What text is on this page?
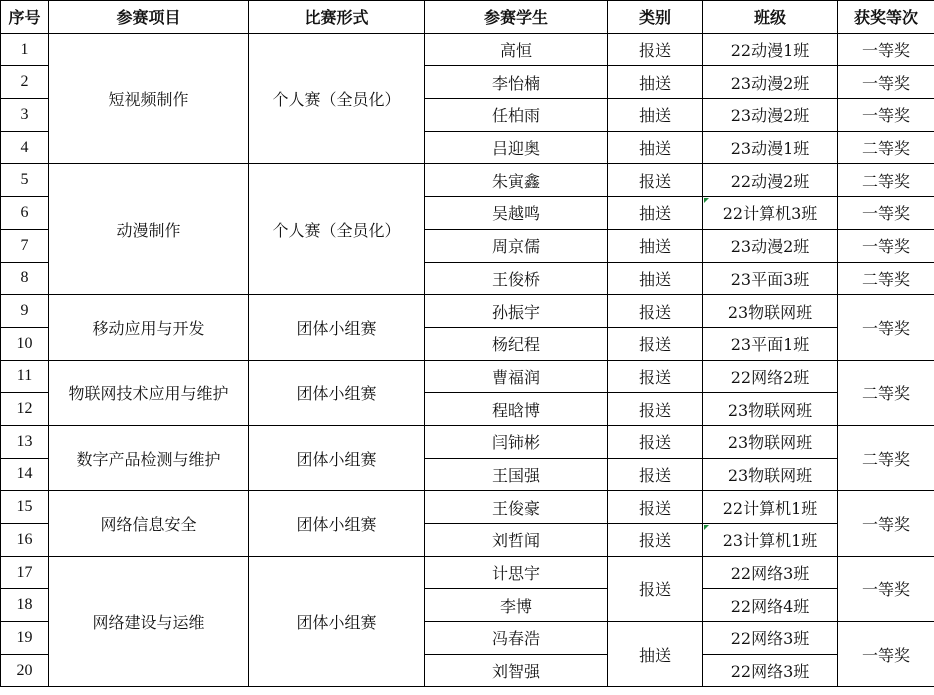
序号	参赛项目	比赛形式	参赛学生	类别	班级	获奖等次
1	短视频制作	个人赛（全员化）	高恒	报送	22动漫1班	一等奖
2			李怡楠	抽送	23动漫2班	一等奖
3			任柏雨	抽送	23动漫2班	一等奖
4			吕迎奥	抽送	23动漫1班	二等奖
5	动漫制作	个人赛（全员化）	朱寅鑫	报送	22动漫2班	二等奖
6			吴越鸣	抽送	22计算机3班	一等奖
7			周京儒	抽送	23动漫2班	一等奖
8			王俊桥	抽送	23平面3班	二等奖
9	移动应用与开发	团体小组赛	孙振宇	报送	23物联网班	一等奖
10			杨纪程	报送	23平面1班	
11	物联网技术应用与维护	团体小组赛	曹福润	报送	22网络2班	二等奖
12			程晗博	报送	23物联网班	
13	数字产品检测与维护	团体小组赛	闫铈彬	报送	23物联网班	二等奖
14			王国强	报送	23物联网班	
15	网络信息安全	团体小组赛	王俊豪	报送	22计算机1班	一等奖
16			刘哲闻	报送	23计算机1班	
17	网络建设与运维	团体小组赛	计思宇	报送	22网络3班	一等奖
18			李博		22网络4班	
19			冯春浩	抽送	22网络3班	一等奖
20			刘智强		22网络3班	
